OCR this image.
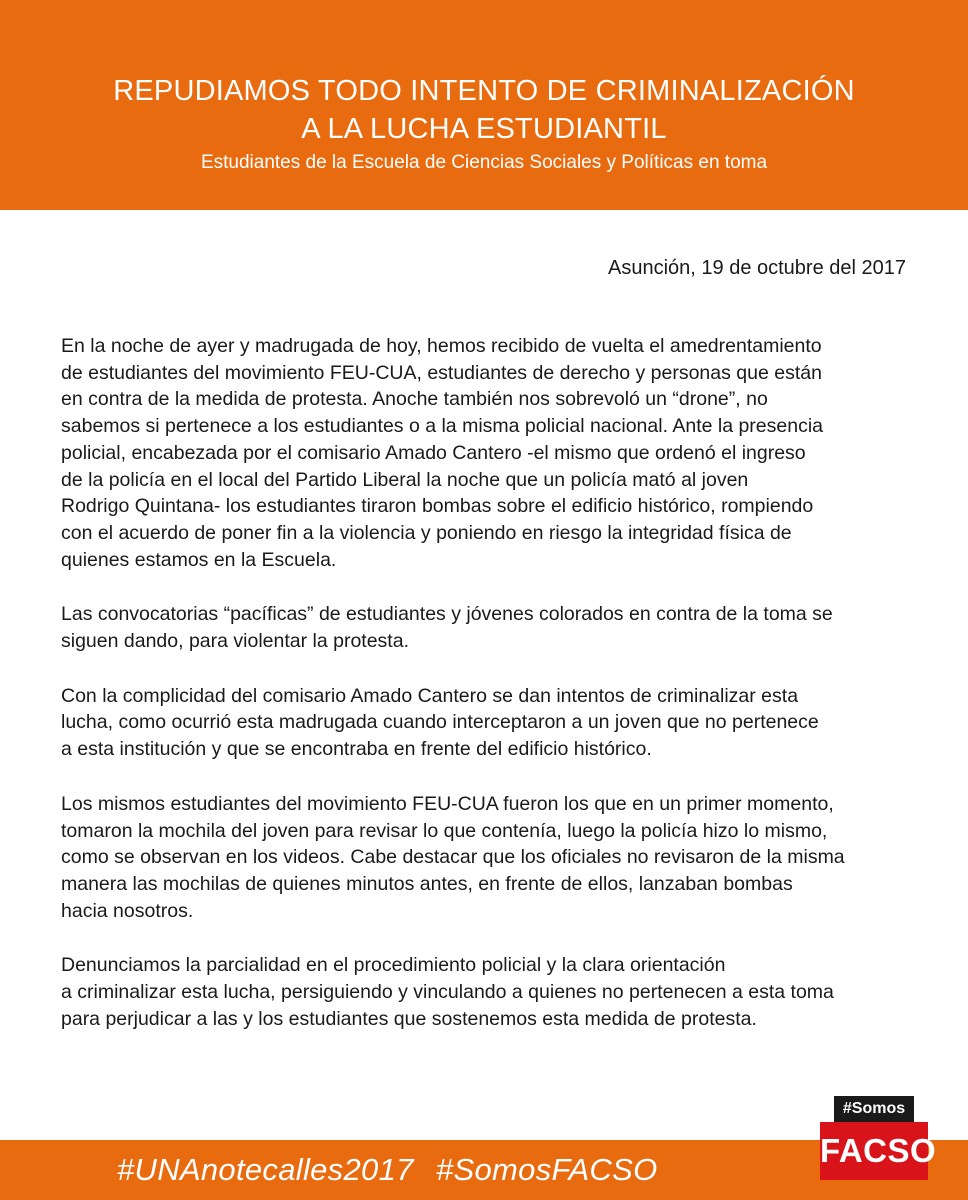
REPUDIAMOS TODO INTENTO DE CRIMINALIZACIÓN
A LA LUCHA ESTUDIANTIL
Estudiantes de la Escuela de Ciencias Sociales y Políticas en toma
Asunción, 19 de octubre del 2017

En la noche de ayer y madrugada de hoy, hemos recibido de vuelta el amedrentamiento
de estudiantes del movimiento FEU-CUA, estudiantes de derecho y personas que están
en contra de la medida de protesta. Anoche también nos sobrevoló un “drone”, no
sabemos si pertenece a los estudiantes o a la misma policial nacional. Ante la presencia
policial, encabezada por el comisario Amado Cantero -el mismo que ordenó el ingreso
de la policía en el local del Partido Liberal la noche que un policía mató al joven
Rodrigo Quintana- los estudiantes tiraron bombas sobre el edificio histórico, rompiendo
con el acuerdo de poner fin a la violencia y poniendo en riesgo la integridad física de
quienes estamos en la Escuela.

Las convocatorias “pacíficas” de estudiantes y jóvenes colorados en contra de la toma se
siguen dando, para violentar la protesta.

Con la complicidad del comisario Amado Cantero se dan intentos de criminalizar esta
lucha, como ocurrió esta madrugada cuando interceptaron a un joven que no pertenece
a esta institución y que se encontraba en frente del edificio histórico.

Los mismos estudiantes del movimiento FEU-CUA fueron los que en un primer momento,
tomaron la mochila del joven para revisar lo que contenía, luego la policía hizo lo mismo,
como se observan en los videos. Cabe destacar que los oficiales no revisaron de la misma
manera las mochilas de quienes minutos antes, en frente de ellos, lanzaban bombas
hacia nosotros.

Denunciamos la parcialidad en el procedimiento policial y la clara orientación
a criminalizar esta lucha, persiguiendo y vinculando a quienes no pertenecen a esta toma
para perjudicar a las y los estudiantes que sostenemos esta medida de protesta.

#UNAnotecalles2017 #SomosFACSO
#Somos
FACSO
